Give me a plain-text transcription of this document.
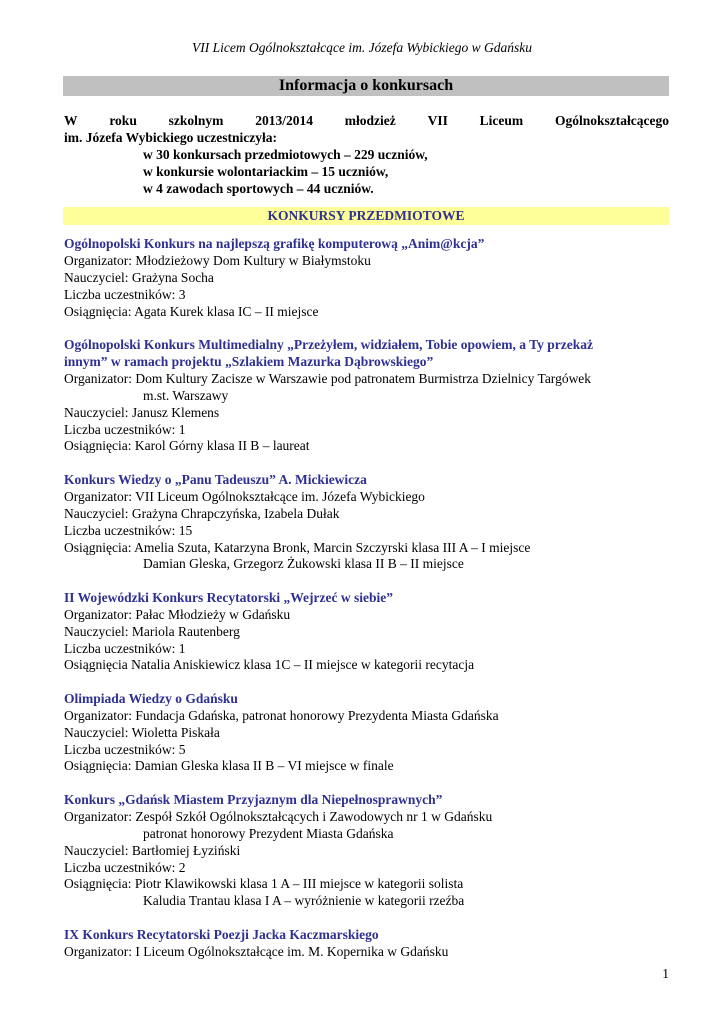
VII Licem Ogólnokształcące im. Józefa Wybickiego w Gdańsku
Informacja o konkursach
W roku szkolnym 2013/2014 młodzież VII Liceum Ogólnokształcącego
im. Józefa Wybickiego uczestniczyła:
w 30 konkursach przedmiotowych – 229 uczniów,
w konkursie wolontariackim – 15 uczniów,
w 4 zawodach sportowych – 44 uczniów.
KONKURSY PRZEDMIOTOWE
Ogólnopolski Konkurs na najlepszą grafikę komputerową „Anim@kcja”
Organizator: Młodzieżowy Dom Kultury w Białymstoku
Nauczyciel: Grażyna Socha
Liczba uczestników: 3
Osiągnięcia: Agata Kurek klasa IC – II miejsce
Ogólnopolski Konkurs Multimedialny „Przeżyłem, widziałem, Tobie opowiem, a Ty przekaż
innym” w ramach projektu „Szlakiem Mazurka Dąbrowskiego”
Organizator: Dom Kultury Zacisze w Warszawie pod patronatem Burmistrza Dzielnicy Targówek
m.st. Warszawy
Nauczyciel: Janusz Klemens
Liczba uczestników: 1
Osiągnięcia: Karol Górny klasa II B – laureat
Konkurs Wiedzy o „Panu Tadeuszu” A. Mickiewicza
Organizator: VII Liceum Ogólnokształcące im. Józefa Wybickiego
Nauczyciel: Grażyna Chrapczyńska, Izabela Dułak
Liczba uczestników: 15
Osiągnięcia: Amelia Szuta, Katarzyna Bronk, Marcin Szczyrski klasa III A – I miejsce
Damian Gleska, Grzegorz Żukowski klasa II B – II miejsce
II Wojewódzki Konkurs Recytatorski „Wejrzeć w siebie”
Organizator: Pałac Młodzieży w Gdańsku
Nauczyciel: Mariola Rautenberg
Liczba uczestników: 1
Osiągnięcia Natalia Aniskiewicz klasa 1C – II miejsce w kategorii recytacja
Olimpiada Wiedzy o Gdańsku
Organizator: Fundacja Gdańska, patronat honorowy Prezydenta Miasta Gdańska
Nauczyciel: Wioletta Piskała
Liczba uczestników: 5
Osiągnięcia: Damian Gleska klasa II B – VI miejsce w finale
Konkurs „Gdańsk Miastem Przyjaznym dla Niepełnosprawnych”
Organizator: Zespół Szkół Ogólnokształcących i Zawodowych nr 1 w Gdańsku
patronat honorowy Prezydent Miasta Gdańska
Nauczyciel: Bartłomiej Łyziński
Liczba uczestników: 2
Osiągnięcia: Piotr Klawikowski klasa 1 A – III miejsce w kategorii solista
Kaludia Trantau klasa I A – wyróżnienie w kategorii rzeźba
IX Konkurs Recytatorski Poezji Jacka Kaczmarskiego
Organizator: I Liceum Ogólnokształcące im. M. Kopernika w Gdańsku
1
